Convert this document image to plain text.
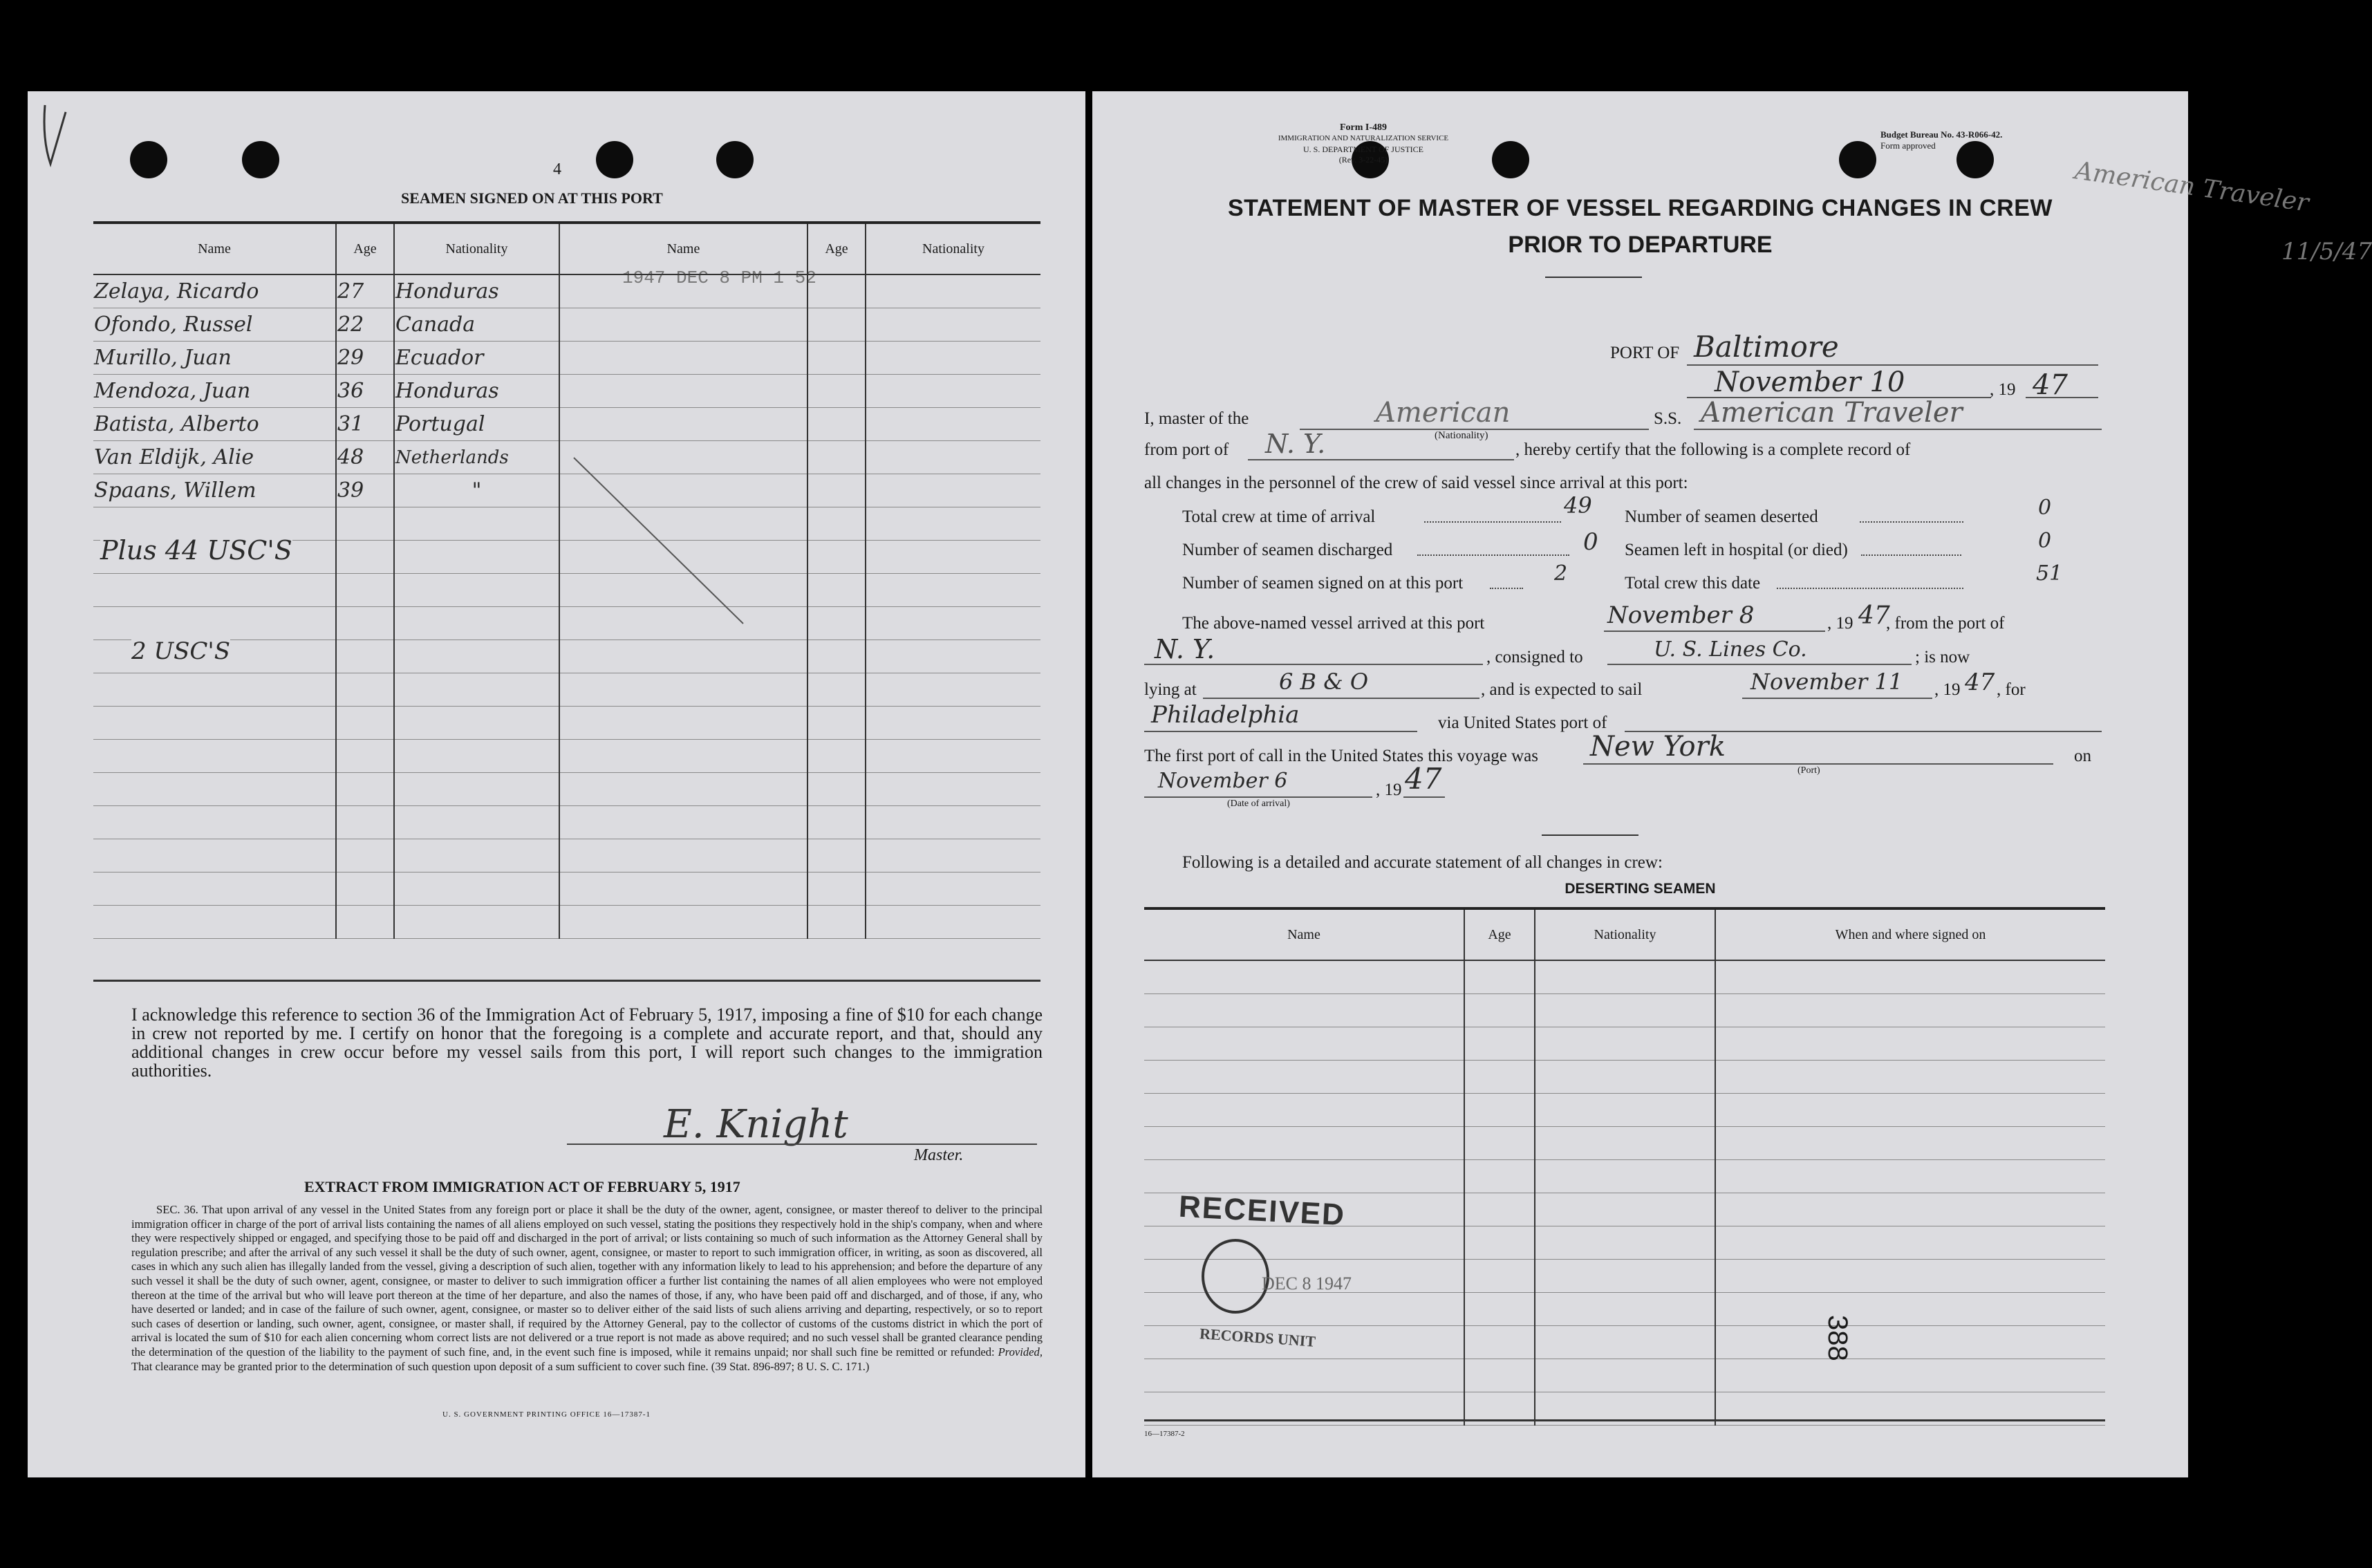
4
SEAMEN SIGNED ON AT THIS PORT
1947 DEC 8 PM 1 52
Name	Age	Nationality	Name	Age	Nationality
Zelaya, Ricardo	27	Honduras			
Ofondo, Russel	22	Canada			
Murillo, Juan	29	Ecuador			
Mendoza, Juan	36	Honduras			
Batista, Alberto	31	Portugal			
Van Eldijk, Alie	48	Netherlands			
Spaans, Willem	39	"			

Plus 44 USC'S
2 USC'S
I acknowledge this reference to section 36 of the Immigration Act of February 5, 1917, imposing a fine of $10 for each change in crew not reported by me. I certify on honor that the foregoing is a complete and accurate report, and that, should any additional changes in crew occur before my vessel sails from this port, I will report such changes to the immigration authorities.
E. Knight
Master.
EXTRACT FROM IMMIGRATION ACT OF FEBRUARY 5, 1917
SEC. 36. That upon arrival of any vessel in the United States from any foreign port or place it shall be the duty of the owner, agent, consignee, or master thereof to deliver to the principal immigration officer in charge of the port of arrival lists containing the names of all aliens employed on such vessel, stating the positions they respectively hold in the ship's company, when and where they were respectively shipped or engaged, and specifying those to be paid off and discharged in the port of arrival; or lists containing so much of such information as the Attorney General shall by regulation prescribe; and after the arrival of any such vessel it shall be the duty of such owner, agent, consignee, or master to report to such immigration officer, in writing, as soon as discovered, all cases in which any such alien has illegally landed from the vessel, giving a description of such alien, together with any information likely to lead to his apprehension; and before the departure of any such vessel it shall be the duty of such owner, agent, consignee, or master to deliver to such immigration officer a further list containing the names of all alien employees who were not employed thereon at the time of the arrival but who will leave port thereon at the time of her departure, and also the names of those, if any, who have been paid off and discharged, and of those, if any, who have deserted or landed; and in case of the failure of such owner, agent, consignee, or master so to deliver either of the said lists of such aliens arriving and departing, respectively, or so to report such cases of desertion or landing, such owner, agent, consignee, or master shall, if required by the Attorney General, pay to the collector of customs of the customs district in which the port of arrival is located the sum of $10 for each alien concerning whom correct lists are not delivered or a true report is not made as above required; and no such vessel shall be granted clearance pending the determination of the question of the liability to the payment of such fine, and, in the event such fine is imposed, while it remains unpaid; nor shall such fine be remitted or refunded: Provided, That clearance may be granted prior to the determination of such question upon deposit of a sum sufficient to cover such fine. (39 Stat. 896-897; 8 U. S. C. 171.)
U. S. GOVERNMENT PRINTING OFFICE 16—17387-1
Form I-489
IMMIGRATION AND NATURALIZATION SERVICE
U. S. DEPARTMENT OF JUSTICE
(Rev. 3-22-45)
Budget Bureau No. 43-R066-42.
Form approved
American Traveler
11/5/47
STATEMENT OF MASTER OF VESSEL REGARDING CHANGES IN CREW
PRIOR TO DEPARTURE
PORT OF Baltimore
November 10	, 19 47
I, master of the	American
(Nationality)
S.S. American Traveler
from port of N. Y.	, hereby certify that the following is a complete record of
all changes in the personnel of the crew of said vessel since arrival at this port:
Total crew at time of arrival	49
Number of seamen discharged	0
Number of seamen signed on at this port	2
Number of seamen deserted	0
Seamen left in hospital (or died)	0
Total crew this date	51
The above-named vessel arrived at this port	November 8	, 19 47
, from the port of
N. Y.	, consigned to	U. S. Lines Co.	; is now
lying at	6 B & O	, and is expected to sail	November 11 , 19 47 , for
Philadelphia	via United States port of
The first port of call in the United States this voyage was New York
(Port)
on
November 6	, 19 47
(Date of arrival)
Following is a detailed and accurate statement of all changes in crew:
DESERTING SEAMEN
Name	Age	Nationality	When and where signed on

RECEIVED
DEC 8 1947
RECORDS UNIT	388
16—17387-2
